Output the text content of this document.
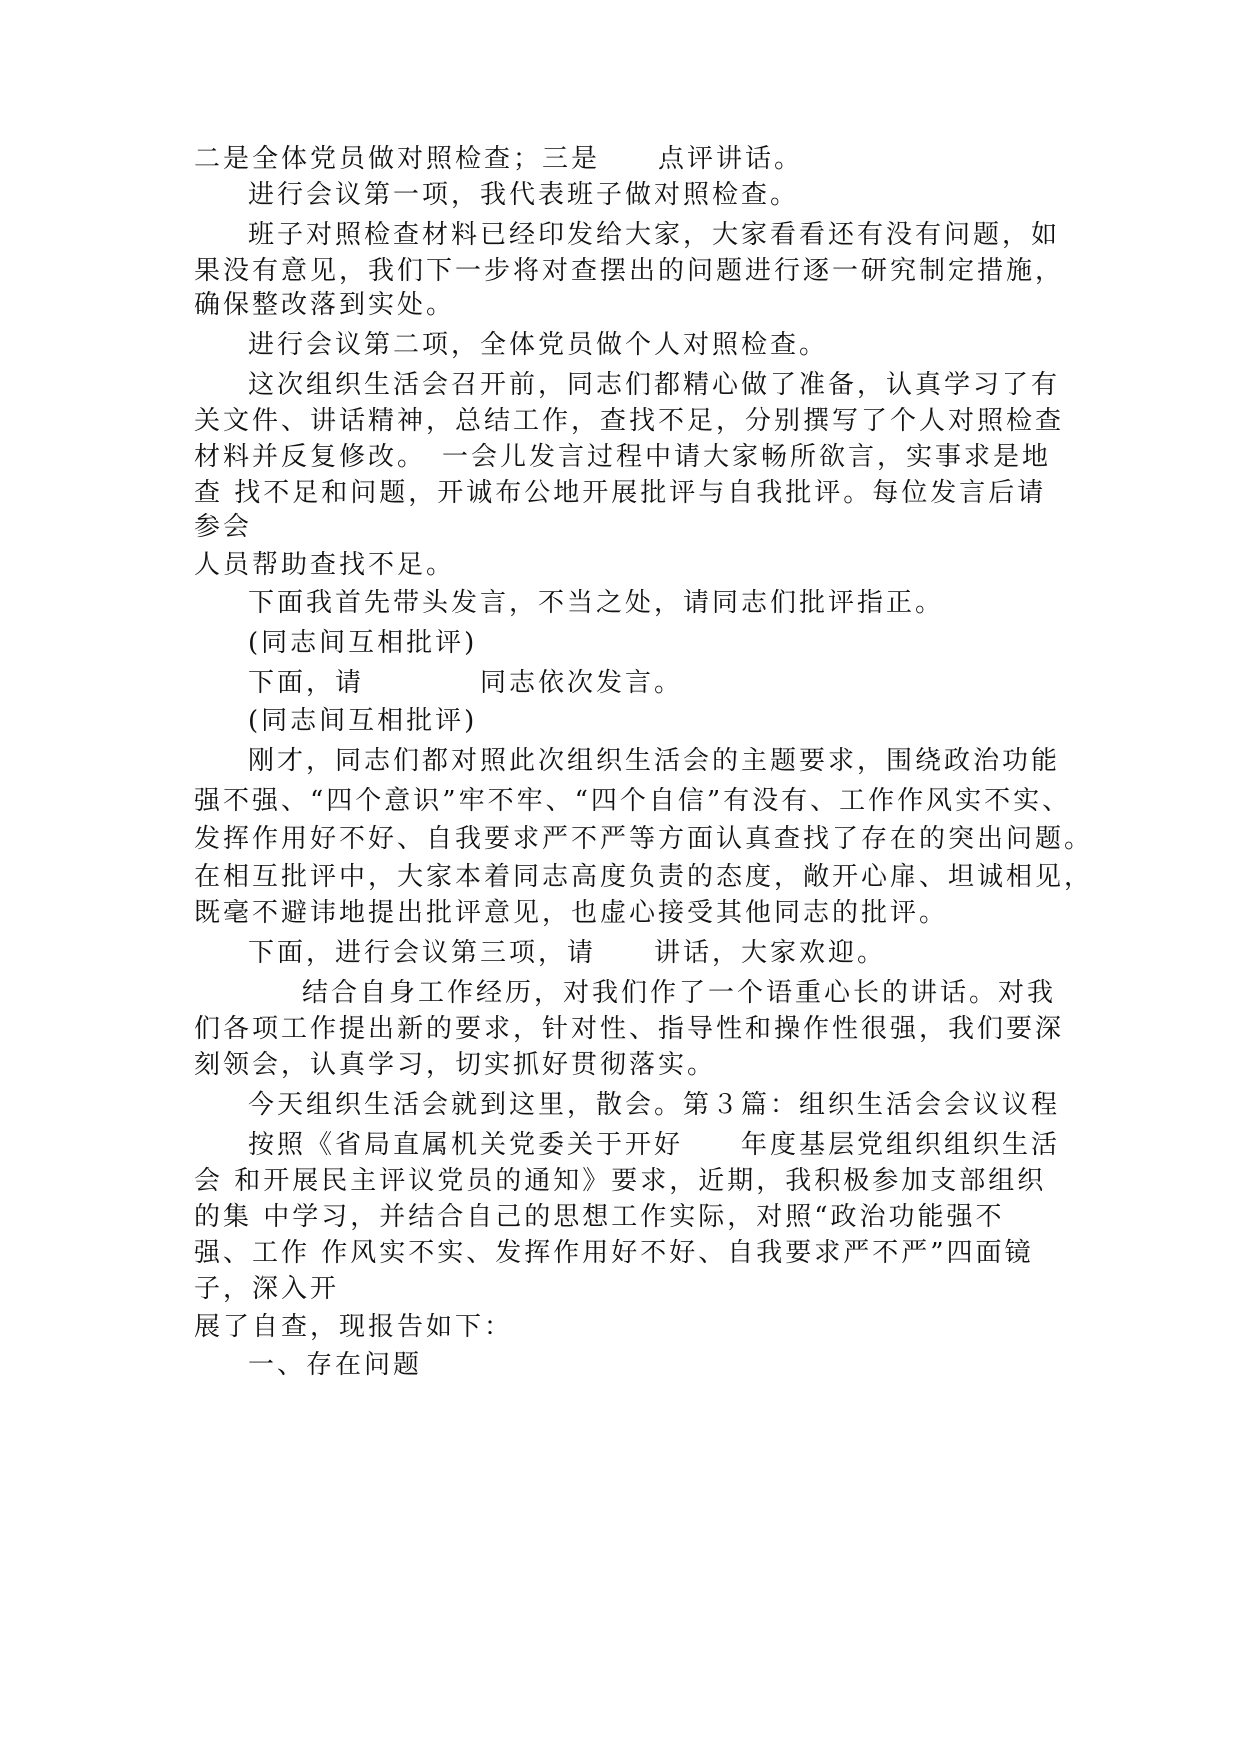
二是全体党员做对照检查；三是　　点评讲话。
进行会议第一项，我代表班子做对照检查。
班子对照检查材料已经印发给大家，大家看看还有没有问题，如
果没有意见，我们下一步将对查摆出的问题进行逐一研究制定措施，
确保整改落到实处。
进行会议第二项，全体党员做个人对照检查。
这次组织生活会召开前，同志们都精心做了准备，认真学习了有
关文件、讲话精神，总结工作，查找不足，分别撰写了个人对照检查
材料并反复修改。　一会儿发言过程中请大家畅所欲言，实事求是地
查 找不足和问题，开诚布公地开展批评与自我批评。每位发言后请
参会
人员帮助查找不足。
下面我首先带头发言，不当之处，请同志们批评指正。
(同志间互相批评)
下面，请　　　　同志依次发言。
(同志间互相批评)
刚才，同志们都对照此次组织生活会的主题要求，围绕政治功能
强不强、“四个意识”牢不牢、“四个自信”有没有、工作作风实不实、
发挥作用好不好、自我要求严不严等方面认真查找了存在的突出问题。
在相互批评中，大家本着同志高度负责的态度，敞开心扉、坦诚相见，
既毫不避讳地提出批评意见，也虚心接受其他同志的批评。
下面，进行会议第三项，请　　讲话，大家欢迎。
结合自身工作经历，对我们作了一个语重心长的讲话。对我
们各项工作提出新的要求，针对性、指导性和操作性很强，我们要深
刻领会，认真学习，切实抓好贯彻落实。
今天组织生活会就到这里，散会。第３篇：组织生活会会议议程
按照《省局直属机关党委关于开好　　年度基层党组织组织生活
会 和开展民主评议党员的通知》要求，近期，我积极参加支部组织
的集 中学习，并结合自己的思想工作实际，对照“政治功能强不
强、工作 作风实不实、发挥作用好不好、自我要求严不严”四面镜
子，深入开
展了自查，现报告如下：
一、存在问题
